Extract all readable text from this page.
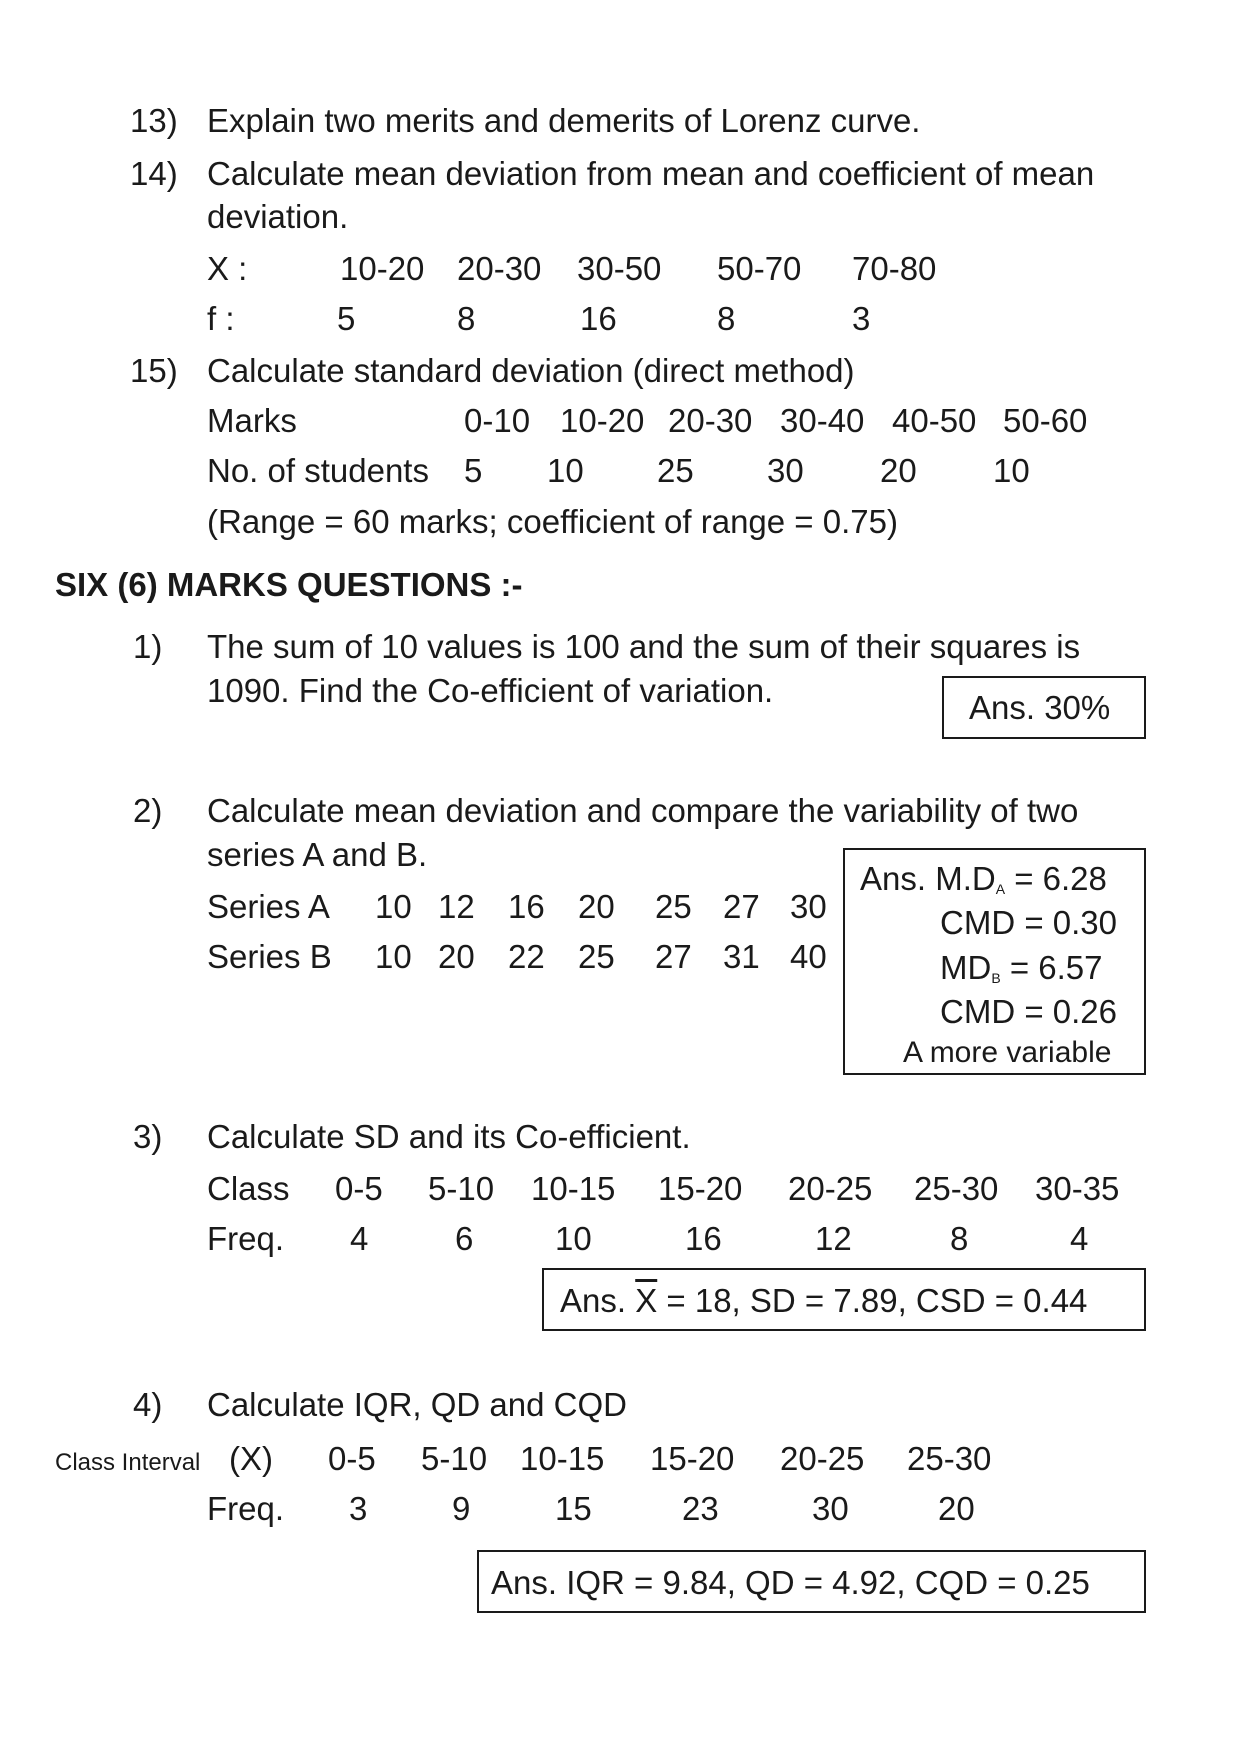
13) Explain two merits and demerits of Lorenz curve.
14) Calculate mean deviation from mean and coefficient of mean
deviation.
X :	10-20 20-30 30-50 50-70 70-80
f :	5	8	16	8	3
15) Calculate standard deviation (direct method)
Marks	0-10 10-20 20-30 30-40 40-50 50-60
No. of students 5 10 25 30 20 10
(Range = 60 marks; coefficient of range = 0.75)
SIX (6) MARKS QUESTIONS :-
1) The sum of 10 values is 100 and the sum of their squares is
1090. Find the Co-efficient of variation.	Ans. 30%
2) Calculate mean deviation and compare the variability of two
series A and B.
Series A 10 12 16 20 25 27 30
Series B 10 20 22 25 27 31 40
Ans. $M.D_A = 6.28$
CMD = 0.30
$MD_B = 6.57$
CMD = 0.26
A more variable
3) Calculate SD and its Co-efficient.
Class 0-5 5-10 10-15 15-20 20-25 25-30 30-35
Freq. 4	6 10	16	12	8	4
Ans. $\overline{X} = 18$, SD = 7.89, CSD = 0.44
4) Calculate IQR, QD and CQD
Class Interval (X) 0-5 5-10 10-15 15-20 20-25 25-30
Freq. 3	9	15	23	30	20
Ans. IQR = 9.84, QD = 4.92, CQD = 0.25
